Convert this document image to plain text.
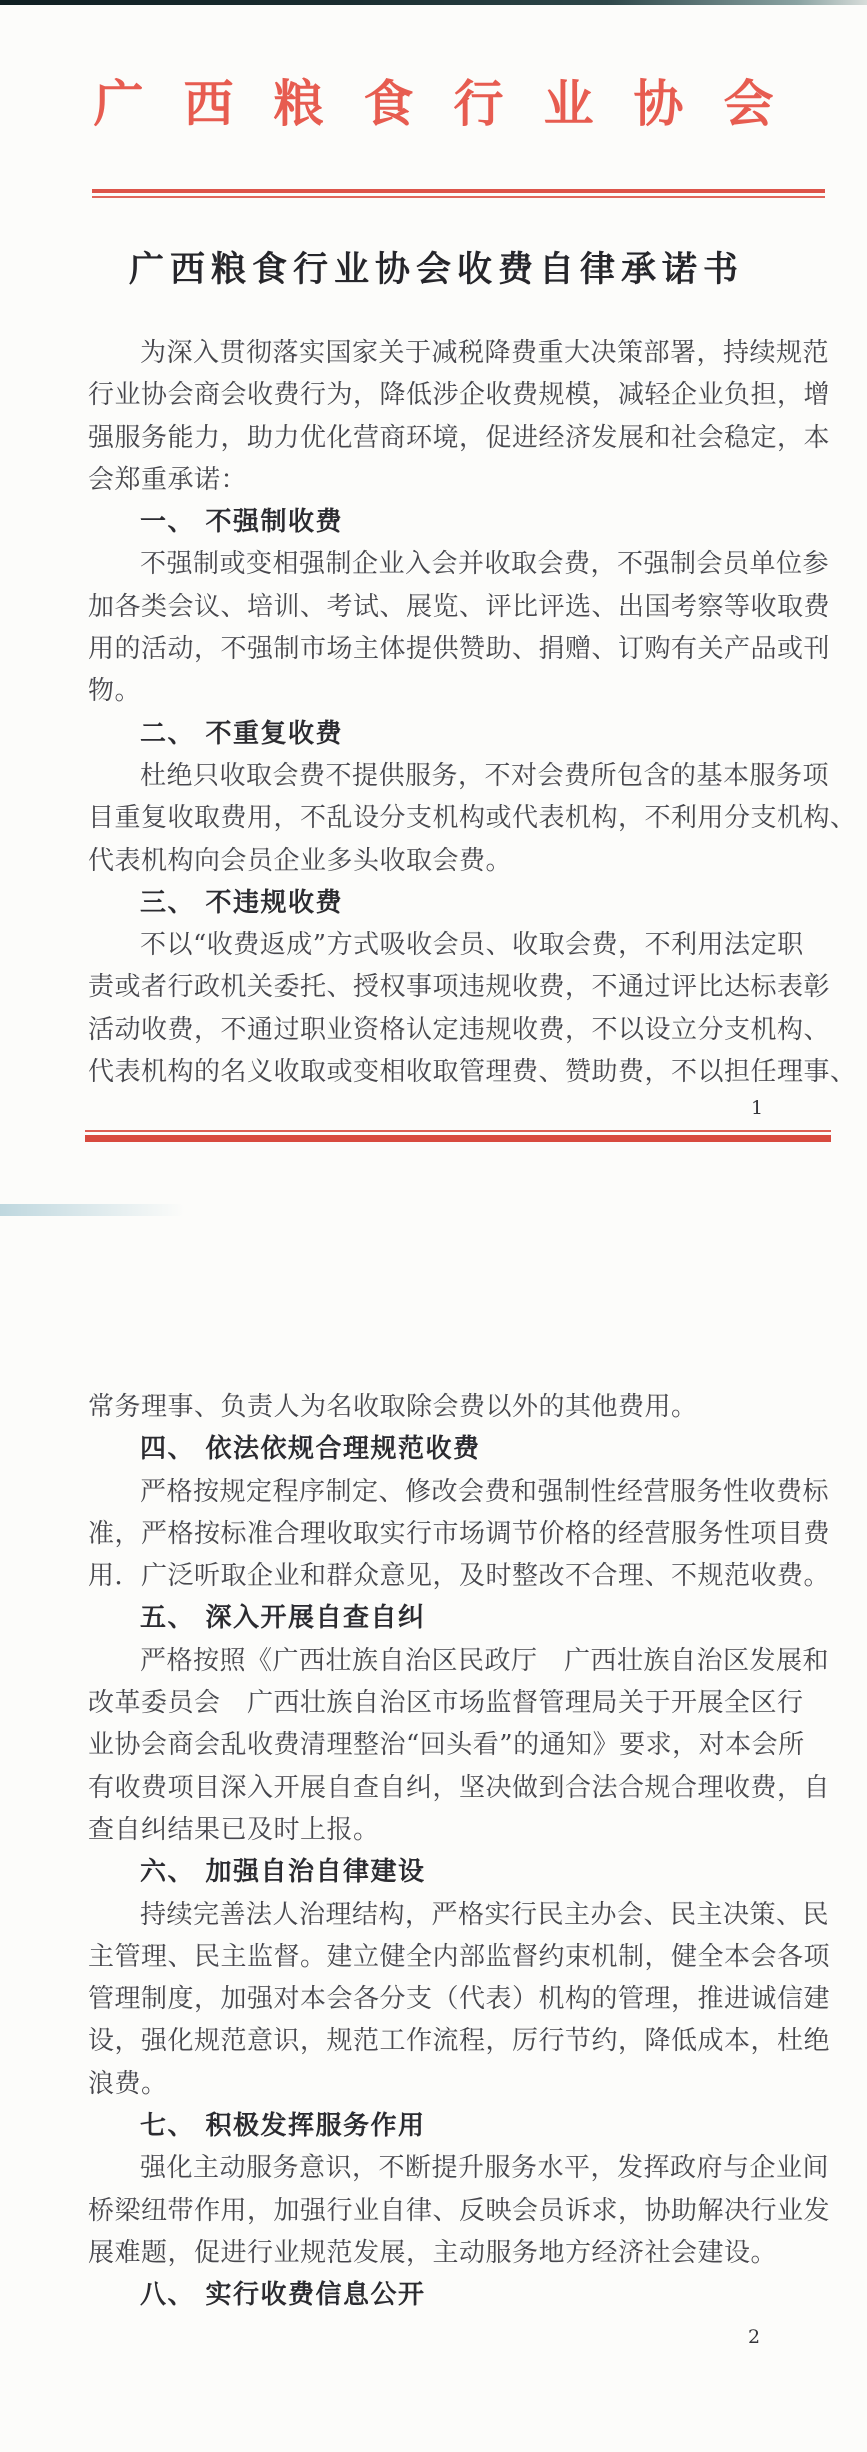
广西粮食行业协会
广西粮食行业协会收费自律承诺书
为深入贯彻落实国家关于减税降费重大决策部署，持续规范
行业协会商会收费行为，降低涉企收费规模，减轻企业负担，增
强服务能力，助力优化营商环境，促进经济发展和社会稳定，本
会郑重承诺：
一、 不强制收费
不强制或变相强制企业入会并收取会费，不强制会员单位参
加各类会议、培训、考试、展览、评比评选、出国考察等收取费
用的活动，不强制市场主体提供赞助、捐赠、订购有关产品或刊
物。
二、 不重复收费
杜绝只收取会费不提供服务，不对会费所包含的基本服务项
目重复收取费用，不乱设分支机构或代表机构，不利用分支机构、
代表机构向会员企业多头收取会费。
三、 不违规收费
不以“收费返成”方式吸收会员、收取会费，不利用法定职
责或者行政机关委托、授权事项违规收费，不通过评比达标表彰
活动收费，不通过职业资格认定违规收费，不以设立分支机构、
代表机构的名义收取或变相收取管理费、赞助费，不以担任理事、
1
常务理事、负责人为名收取除会费以外的其他费用。
四、 依法依规合理规范收费
严格按规定程序制定、修改会费和强制性经营服务性收费标
准，严格按标准合理收取实行市场调节价格的经营服务性项目费
用．广泛听取企业和群众意见，及时整改不合理、不规范收费。
五、 深入开展自查自纠
严格按照《广西壮族自治区民政厅　广西壮族自治区发展和
改革委员会　广西壮族自治区市场监督管理局关于开展全区行
业协会商会乱收费清理整治“回头看”的通知》要求，对本会所
有收费项目深入开展自查自纠，坚决做到合法合规合理收费，自
查自纠结果已及时上报。
六、 加强自治自律建设
持续完善法人治理结构，严格实行民主办会、民主决策、民
主管理、民主监督。建立健全内部监督约束机制，健全本会各项
管理制度，加强对本会各分支（代表）机构的管理，推进诚信建
设，强化规范意识，规范工作流程，厉行节约，降低成本，杜绝
浪费。
七、 积极发挥服务作用
强化主动服务意识，不断提升服务水平，发挥政府与企业间
桥梁纽带作用，加强行业自律、反映会员诉求，协助解决行业发
展难题，促进行业规范发展，主动服务地方经济社会建设。
八、 实行收费信息公开
2
